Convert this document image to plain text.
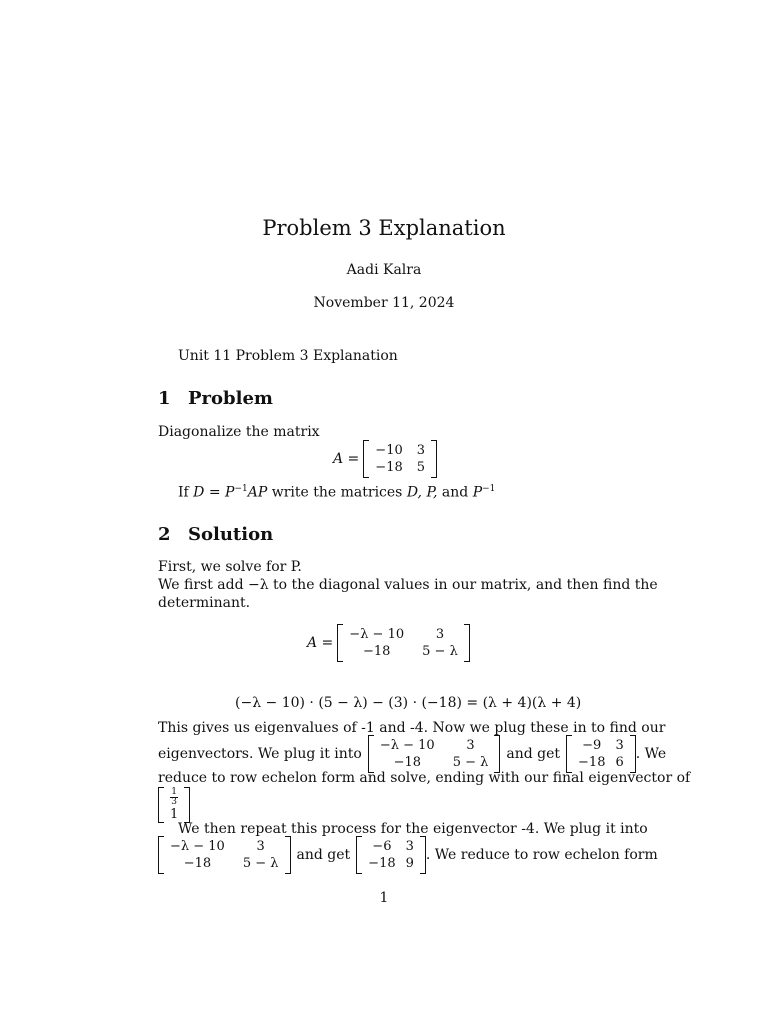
Problem 3 Explanation
Aadi Kalra
November 11, 2024
Unit 11 Problem 3 Explanation
1 Problem
Diagonalize the matrix
A =
−10 3
−18 5
If $D = P^{-1}AP$ write the matrices D, P, and $P^{-1}$
2 Solution
First, we solve for P.
We first add −λ to the diagonal values in our matrix, and then find the
determinant.
A =
−λ − 10	3
−18	5 − λ
(−λ − 10) · (5 − λ) − (3) · (−18) = (λ + 4)(λ + 4)
This gives us eigenvalues of -1 and -4. Now we plug these in to find our
eigenvectors. We plug it into
−λ − 10	3
−18	5 − λ
and get
−9	3
−18 6
. We
reduce to row echelon form and solve, ending with our final eigenvector of
$\frac{1}{3}$
1
We then repeat this process for the eigenvector -4. We plug it into
−λ − 10	3
−18	5 − λ
and get
−6	3
−18 9
. We reduce to row echelon form
1
